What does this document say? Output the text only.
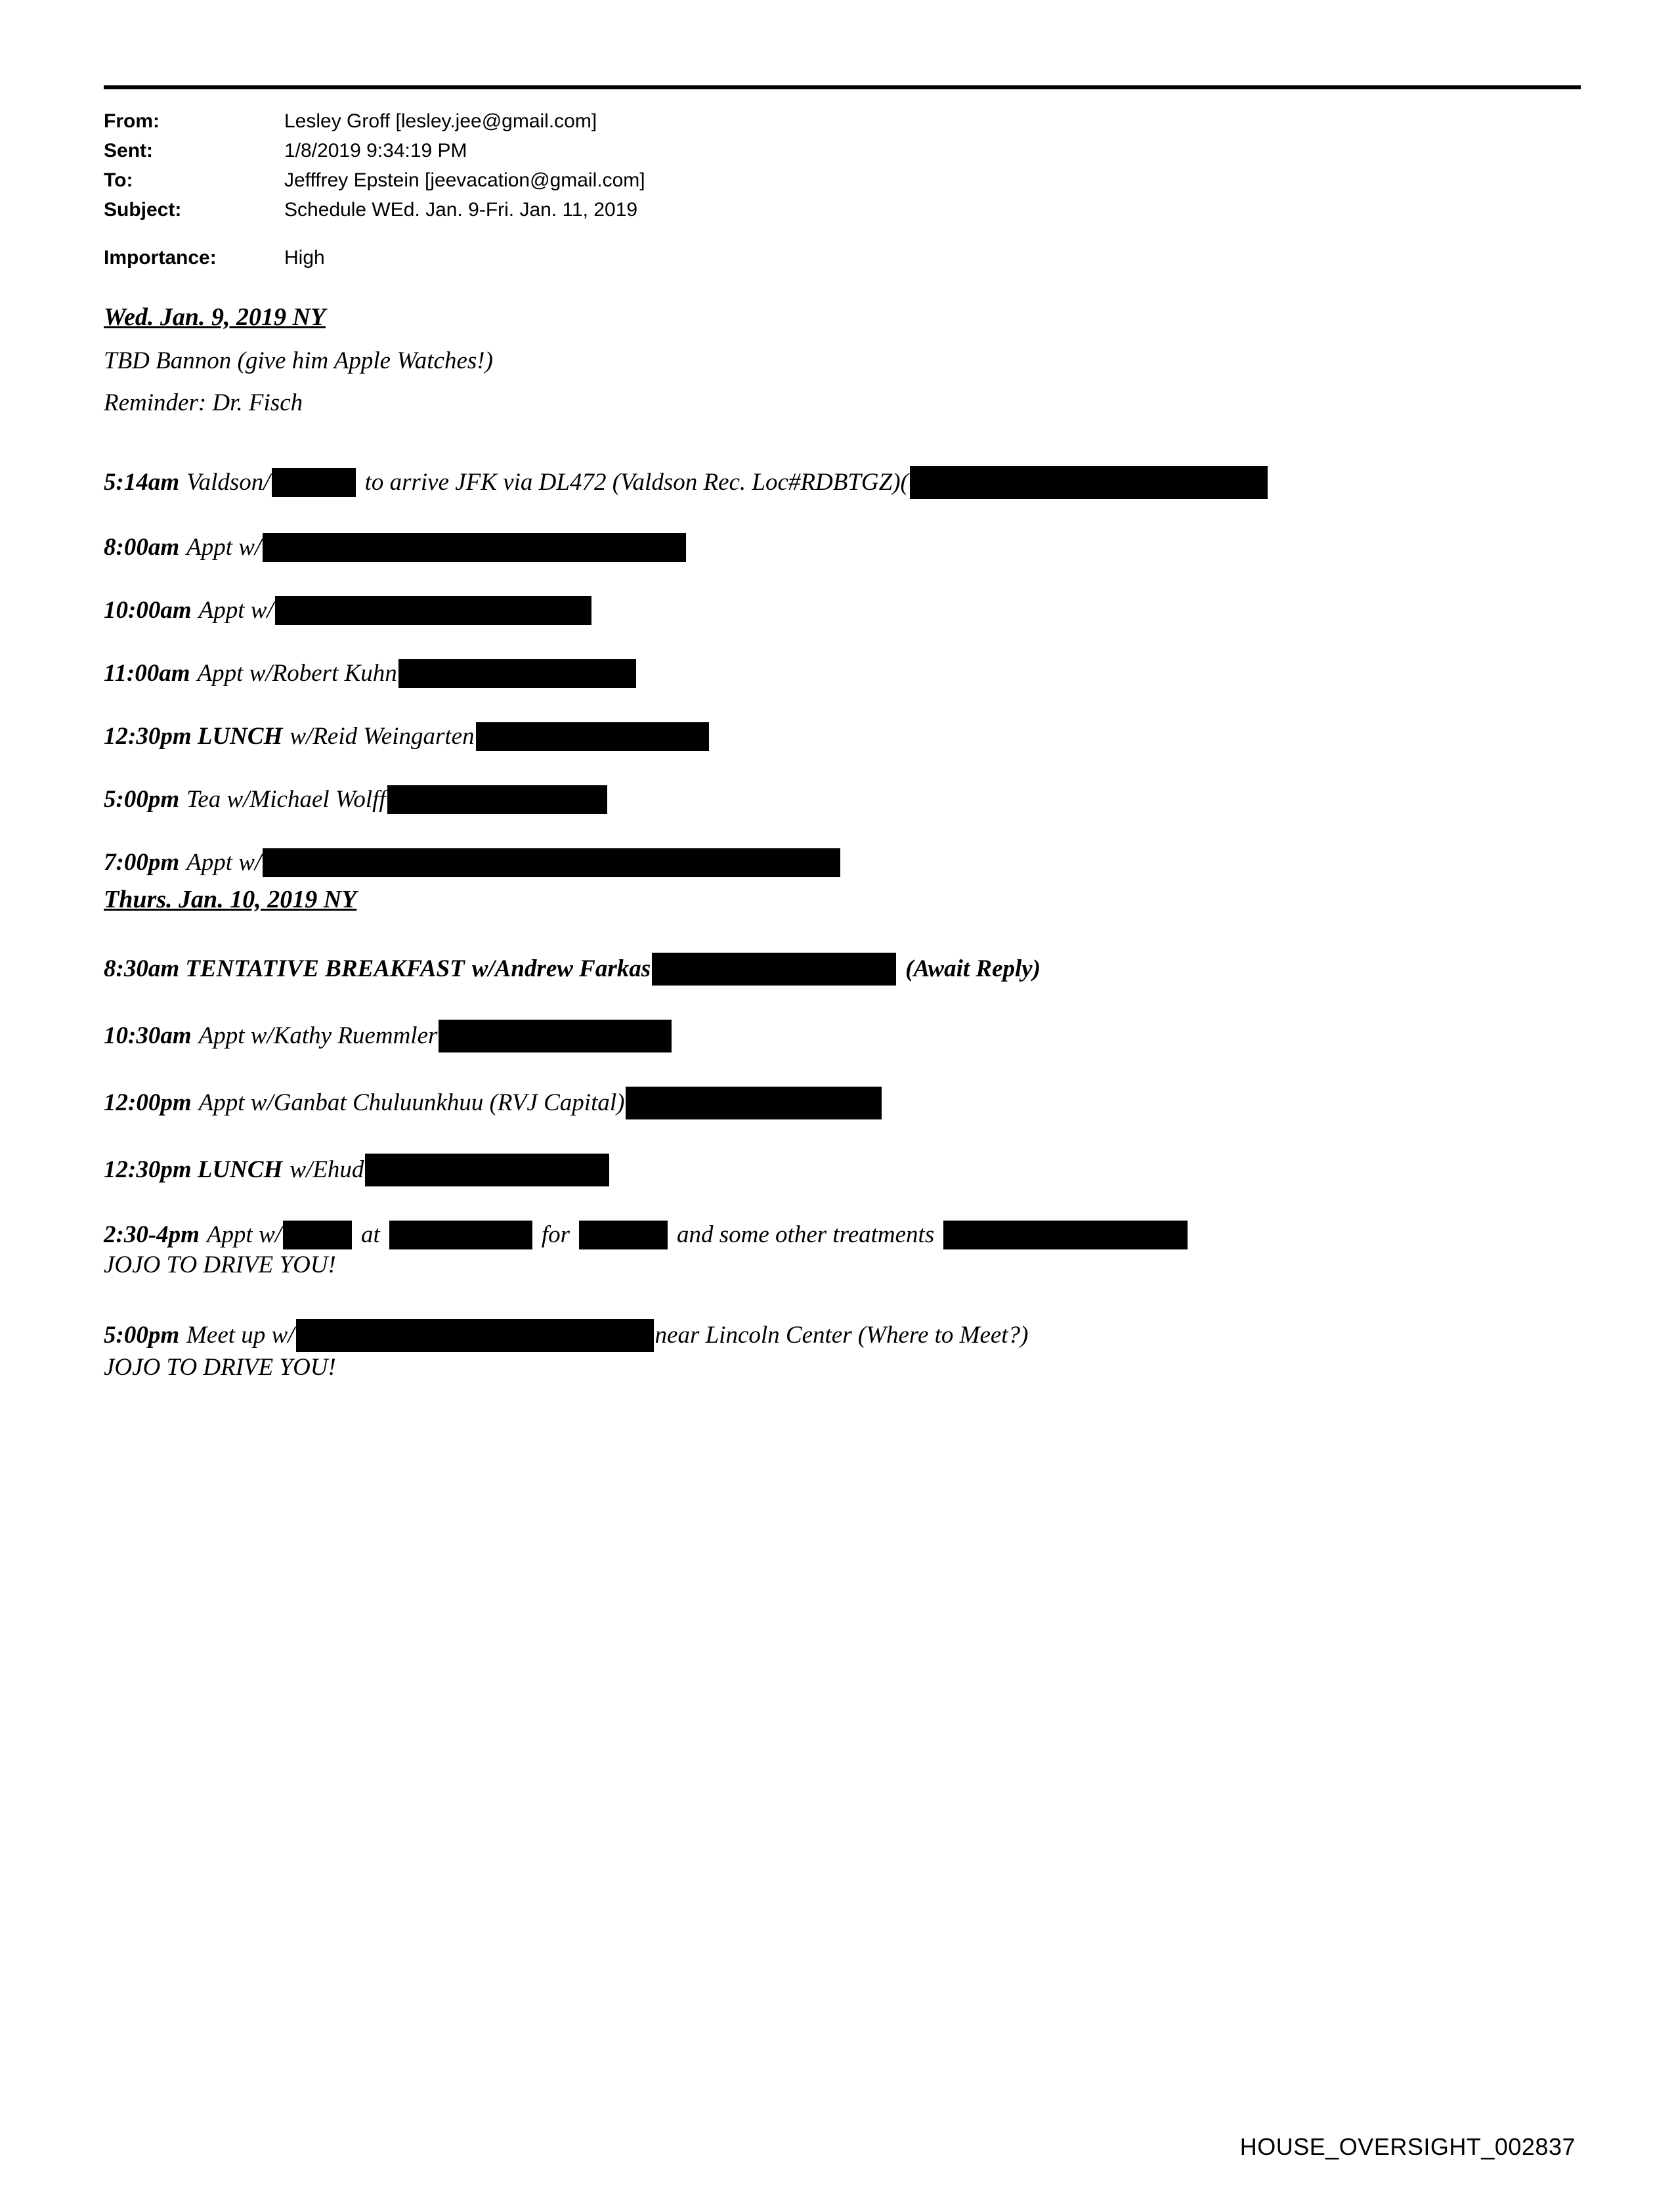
From:	Lesley Groff [lesley.jee@gmail.com]
Sent:	1/8/2019 9:34:19 PM
To:	Jefffrey Epstein [jeevacation@gmail.com]
Subject:	Schedule WEd. Jan. 9-Fri. Jan. 11, 2019
Importance:	High
Wed. Jan. 9, 2019 NY
TBD Bannon (give him Apple Watches!)
Reminder: Dr. Fisch
5:14am Valdson/	to arrive JFK via DL472 (Valdson Rec. Loc#RDBTGZ)(
8:00am Appt w/
10:00am Appt w/
11:00am Appt w/Robert Kuhn
12:30pm LUNCH w/Reid Weingarten
5:00pm Tea w/Michael Wolff
7:00pm Appt w/
Thurs. Jan. 10, 2019 NY
8:30am TENTATIVE BREAKFAST w/Andrew Farkas	(Await Reply)
10:30am Appt w/Kathy Ruemmler
12:00pm Appt w/Ganbat Chuluunkhuu (RVJ Capital)
12:30pm LUNCH w/Ehud
2:30-4pm Appt w/	at	for	and some other treatments
JOJO TO DRIVE YOU!
5:00pm Meet up w/	near Lincoln Center (Where to Meet?)
JOJO TO DRIVE YOU!
HOUSE_OVERSIGHT_002837
